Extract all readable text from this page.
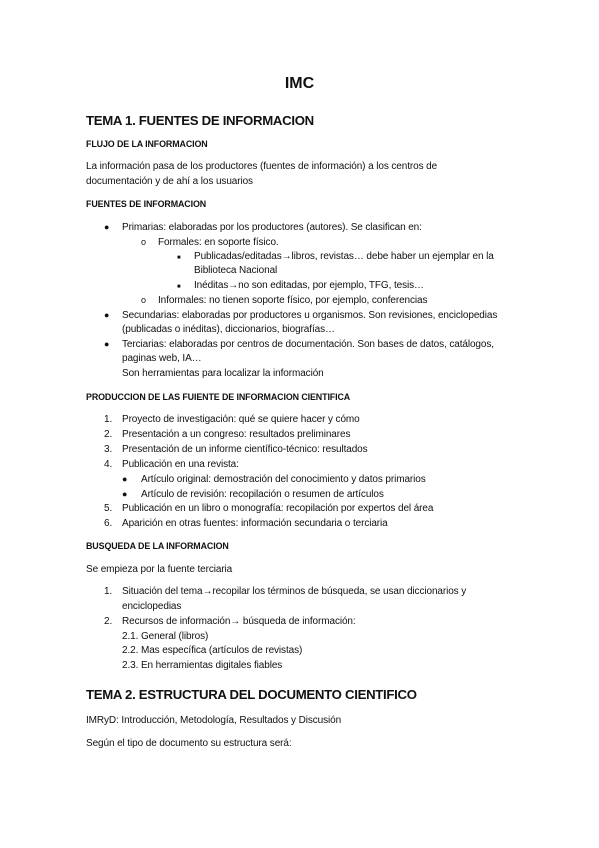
IMC
TEMA 1. FUENTES DE INFORMACION
FLUJO DE LA INFORMACION
La información pasa de los productores (fuentes de información) a los centros de
documentación y de ahí a los usuarios
FUENTES DE INFORMACION
● Primarias: elaboradas por los productores (autores). Se clasifican en:
o Formales: en soporte físico.
■ Publicadas/editadas→libros, revistas… debe haber un ejemplar en la
Biblioteca Nacional
■ Inéditas→no son editadas, por ejemplo, TFG, tesis…
o Informales: no tienen soporte físico, por ejemplo, conferencias
● Secundarias: elaboradas por productores u organismos. Son revisiones, enciclopedias
(publicadas o inéditas), diccionarios, biografías…
● Terciarias: elaboradas por centros de documentación. Son bases de datos, catálogos,
paginas web, IA…
Son herramientas para localizar la información
PRODUCCION DE LAS FUIENTE DE INFORMACION CIENTIFICA
1. Proyecto de investigación: qué se quiere hacer y cómo
2. Presentación a un congreso: resultados preliminares
3. Presentación de un informe científico-técnico: resultados
4. Publicación en una revista:
● Artículo original: demostración del conocimiento y datos primarios
● Artículo de revisión: recopilación o resumen de artículos
5. Publicación en un libro o monografía: recopilación por expertos del área
6. Aparición en otras fuentes: información secundaria o terciaria
BUSQUEDA DE LA INFORMACION
Se empieza por la fuente terciaria
1. Situación del tema→recopilar los términos de búsqueda, se usan diccionarios y
enciclopedias
2. Recursos de información→ búsqueda de información:
2.1. General (libros)
2.2. Mas específica (artículos de revistas)
2.3. En herramientas digitales fiables
TEMA 2. ESTRUCTURA DEL DOCUMENTO CIENTIFICO
IMRyD: Introducción, Metodología, Resultados y Discusión
Según el tipo de documento su estructura será:
